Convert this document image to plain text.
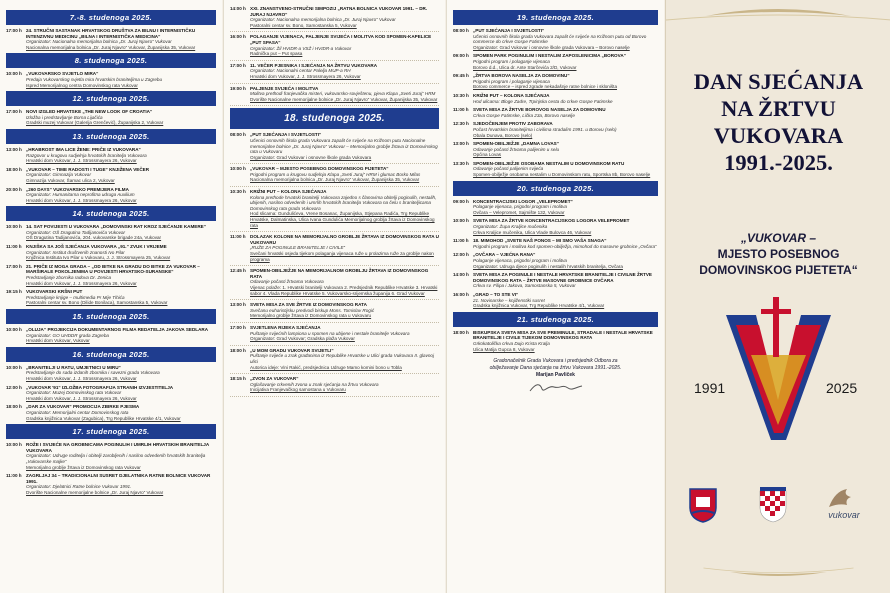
7.-8. studenoga 2025.
17:00 h 24. STRUČNI SASTANAK HRVATSKOG DRUŠTVA ZA BILNU I INTERNISTIČKU INTENZIVNU MEDICINU „BILNA I INTERNISTIČKA MEDICINA“
Organizator: Nacionalna memorijalna bolnica „Dr. Juraj Njavro“ Vukovar
Nacionalna memorijalna bolnica „Dr. Juraj Njavro“ Vukovar, Županijska 35, Vukovar
8. studenoga 2025.
10:00 h „VUKOVARSKO SVJETLO MIRA“
Predaja Vukovarskog svjetla mira hrvatskim braniteljima u Zagrebu
Ispred Memorijalnog centra Domovinskog rata Vukovar
12. studenoga 2025.
17:00 h NOVI IZGLED HRVATSKE „THE NEW LOOK OF CROATIA“
Izložba i predstavljanje Borna Lijačića
Gradski muzej Vukovar (Galerija Grenčević), Županijska 2, Vukovar
13. studenoga 2025.
13:00 h „HRABROST IMA LICE ŽENE: PRIČE IZ VUKOVARA“
Razgovor u krugovu sudjelnja hrvatskih branitelja Vukovara
Hrvatski dom Vukovar, J. J. Strossmayera 26, Vukovar
18:00 h „VUKOVAR – TIME RADOSTI I TUGE“ KNJIŽENA VEČER
Organizator: Gimnazija Vukovar
Gimnazija Vukovar, Šamac ulica 2, Vukovar
20:00 h „260 DAYS“ VUKOVARSKO PREMIJERA FILMA
Organizator: Humanitarna neprofitna udruga Auxilium
Hrvatski dom Vukovar, J. J. Strossmayera 26, Vukovar
14. studenoga 2025.
10:00 h 14. SAT POVIJESTI U VUKOVARA „DOMOVINSKI RAT KROZ SJEĆANJE KAMERE“
Organizator: OŠ Dragutina Tadijanovića Vukovar
OŠ Dragutina Tadijanovića, 204. vukovarske brigade 24a, Vukovar
11:00 h KNJIŠKA SA JOŠ SJEĆANJA VUKOVARA „91.“ ZVUK I VRIJEME
Organizator: Institut društvenih znanosti Ivo Pilar
Knjižnica Instituta Ivo Pilar u Vukovaru, J. J. Strossmayera 25, Vukovar
17:00 h 21. PRIČE IZ MOGA GRADA – „OD BITKE NA GRADU DO BITKE ZA VUKOVAR – MARŠIRALE POKOLJENIMA U POVIJESTI HRVATSKO-SURANSKE“
Predstavljanje zbornika radova Dr. Zenica
Hrvatski dom Vukovar, J. J. Strossmayera 26, Vukovar
19:15 h VUKOVARSKI KRŠNI PUT
Predstavljanje knjige – multimedia Pr Mije Tihića
Pastoralni centar sv. Bono (Dilide Bonilaca), Samostanska 5, Vukovar
15. studenoga 2025.
10:00 h „OLUJA“ PROJEKCIJA DOKUMENTARNOG FILMA REDATELJA JAKOVA SEDLARA
Organizator: GO UHDDR grada Zagreba
Hrvatski dom Vukovar, Vukovar
16. studenoga 2025.
10:00 h „BRANITELJI U RATU, UMJETNICI U MIRU“
Predstavljanje do sada izdanih zbornika i savezni grada Vukovara
Hrvatski dom Vukovar, J. J. Strossmayera 26, Vukovar
12:00 h „VUKOVAR '91“ IZLOŽBA FOTOGRAFIJA STRANIH IZVJESTITELJA
Organizator: Muzej Domovinskog rata Vukovar
Hrvatski dom Vukovar, J. J. Strossmayera 26, Vukovar
18:00 h „DAR ZA VUKOVAR“ PROMOCIJA ZBIRKE PJESMA
Organizator: Memorijalni centar Domovinskog rata
Gradska knjižnica Vukovar (Zagubica), Trg Republike Hrvatske 4/1, Vukovar
17. studenoga 2025.
10:00 h ROŽE I SVIJEĆE NA GROBNICAMA POGINULIH I UMRLIH HRVATSKIH BRANITELJA VUKOVARA
Organizator: Udruge roditelja i obitelji zarobljenih i nasilno odvedenih hrvatskih branitelja „Vukovarske majke“
Memorijalno groblje žrtava iz Domovinskog rata Vukovar
11:00 h ZAGRLJAJ 34 – TRADICIONALNI SUSRET DJELATNIKA RATNE BOLNICE VUKOVAR 1991.
Organizator: Djelatnici Ratne bolnice Vukovar 1991.
Dvorište Nacionalne memorijalne bolnice „Dr. Juraj Njavro“ Vukovar
14:00 h XXI. ZNANSTVENO-STRUČNI SIMPOZIJ „RATNA BOLNICA VUKOVAR 1991. – DR. JURAJ NJAVRO“
Organizator: Nacionalna memorijalna bolnica „Dr. Juraj Njavro“ Vukovar
Pastoralni centar sv. Bono, Samostanska 5, Vukovar
16:00 h POLAGANJE VIJENACA, PALJENJE SVIJEĆA I MOLITVA KOD SPOMEN-KAPELICE „PUT SPASA“
Organizator: Žil HVIDR-a VSŽ i HVIDR-a Vukovar
Radnička put – Put spasa
17:00 h 11. VEČER PJESNIKA I SJEĆANJA NA ŽRTVU VUKOVARA
Organizator: Nacionalni centar Palelja MUP-a RH
Hrvatski dom Vukovar, J. J. Strossmayera 26, Vukovar
19:00 h PALJENJE SVIJEĆA I MOLITVA
Molitva prethodi franjevačka misteri, vukovarsko-sovještenu, pjeva Klapa „Sveti Juraj“ HRM
Dvorište Nacionalne memorijalne bolnice „Dr. Juraj Njavro“ Vukovar, Županijska 35, Vukovar
18. studenoga 2025.
08:00 h „PUT SJEĆANJA I SVJETLOSTI“
Učenici osnovnih škola grada Vukovara zapalit će svijeće na Križnom putu Nacionalne memorijalne bolnice „Dr. Juraj Njavro“ Vukovar – Memorijalno groblje žrtava iz Domovinskog rata u Vukovaru
Organizator: Grad Vukovar i osnovne škole grada Vukovara
10:00 h „VUKOVAR – MJESTO POSEBNOG DOMOVINSKOG PIJETETA“
Prigodni program u krugovu sudjelnja Klapa „Sveti Juraj“ HRM i glumac Borko Milas
Nacionalna memorijalna bolnica „Dr. Juraj Njavro“ Vukovar, Županijska 35, Vukovar
10:30 h KRIŽNI PUT – KOLONA SJEĆANJA
Kolona prethode hrvatski branitelji Vukovara zajedno s članovima obitelji poginulih, nestalih, ubijenih, nasilno odvedenih i umrlih hrvatskih branitelja Vukovara na čelu s braniteljicama Domovinskog rata grada Vukovara
Hod slicama: Gundulićeva, Vrene Bosanac, Županijska, Stjepana Radića, Trg Republike Hrvatske, Dalmatinska, Ulica Ivana Gundulića Memorijalnog groblja žrtava iz Domovinskog rata
11:00 h DOLAZAK KOLONE NA MEMORIJALNO GROBLJE ŽRTAVA IZ DOMOVINSKOG RATA U VUKOVARU
„RUŽE ZA POGINULE BRANITELJE I CIVILE“
Svečani hrvatski osjeda tijekom polaganja vijenaca ruže u prolazima ruže za groblje nakon programa
12:45 h SPOMEN-OBILJEŽJE NA MEMORIJALNOM GROBLJU ŽRTAVA IZ DOMOVINSKOG RATA
Odavanje počasti žrtvama Vukovara
Vijenac polaže: 1. Hrvatski branitelji Vukovara 2. Predsjednik Republike Hrvatske 3. Hrvatski sabor 4. Vlada Republike Hrvatske 5. Vukovarsko-srijemska županija 6. Grad Vukovar
13:00 h SVETA MISA ZA SVE ŽRTVE IZ DOMOVINSKOG RATA
Svečanu euharistijsku predvodi biskup Mons. Tomislav Rogić
Memorijalno groblje žrtava iz Domovinskog rata u Vukovaru
17:00 h SVJETLENA RIJEKA SJEĆANJA
Puštanje svijećnih lampiona u spomen na ubijene i nestale branitelje Vukovara
Organizator: Grad Vukovar; Gradska plaža Vukovar
18:00 h „U MOM GRADU VUKOVAR SVIJETLI“
Puštanje svijeće u zrak građanima iz Republike Hrvatske u Ulici grada Vukovara II. glavnoj ulici
Autorica ideje: Vini Rakić, predsjednica Udruge Mamo komini bono u Tobla
18:15 h „ZVON ZA VUKOVAR“
Oglašavanje crkvenih zvona u znak sjećanja na žrtvu Vukovara
Inicijativa Franjevačkog samostana u Vukovaru
19. studenoga 2025.
08:00 h „PUT SJEĆANJA I SVJETLOSTI“
Učenici osnovnih škola grada Vukovara zapalit će svijeće na Križnom putu od Borovo commerce do crkve Gospe Fatimske
Organizator: Grad Vukovar i osnovne škole grada Vukovara – Borovo naselje
09:00 h SPOMEN PARK POGINULIM I NESTALIM ZAPOSLENICIMA „BOROVA“
Prigodni program i polaganje vijenaca
Borovo d.d., Ulica dr. Ante Starčevića 2/D, Vukovar
09:45 h „ŽRTVA BOROVA NASELJA ZA DOMOVINU“
Prigodni program i polaganje vijenaca
Borovo commerce – ispred zgrade nekadašnje ratne bolnice i skloništa
10:30 h KRIŽNI PUT – KOLONA SJEĆANJA
Hod ulicama: Bloge Zadre, Trpinjska cesta do crkve Gospe Fatimske
11:00 h SVETA MISA ZA ŽRTVE BOROVOG NASELJA ZA DOMOVINU
Crkva Gospe Fatimske, Lička 23a, Borovo naselje
12:30 h SJEDOČENJEM PROTIV ZABORAVA
Počast hrvatskim braniteljima i civilima stradalim 1991. u Borovu (selo)
Obala Dunava, Borovo (selo)
13:00 h SPOMEN-OBILJEŽJE „DAMNA LOVAS“
Odavanje počasti žrtvama palijenim u selu
Općina Lovas
13:30 h SPOMEN-OBILJEŽJE OSOBAMA NESTALIM U DOMOVINSKOM RATU
Odavanje počasti palijenim svijeća
Spomen-obilježje osobama nestalim u Domovinskom ratu, Sportska 8b, Borovo naselje
20. studenoga 2025.
09:00 h KONCENTRACIJSKI LOGOR „VELEPROMET“
Polaganje vijenaca, prigodni program i molitva
Ovčara – Velepromet, Sajmište 132, Vukovar
10:00 h SVETA MISA ZA ŽRTVE KONCENTRACIJSKOG LOGORA VELEPROMET
Organizator: Župa Kraljice mučenika
Crkva Kraljice mučenika, Ulica Vlade Bulovca 46, Vukovar
11:00 h 18. MIMOHOD „SVETE NAŠ PONOS – MI SMO VAŠA SNAGA“
Prigodni program i molitva kod spomen-obilježja, mimohod do masovne grobnice „Ovčara“
12:00 h „OVČARA – VJEĆNA RANA“
Polaganje vijenaca, prigodni program i molitva
Organizator: Udruga djece poginulih i nestalih hrvatskih branitelja, Ovčara
14:00 h SVETA MISA ZA POGINULE I NESTALE HRVATSKE BRANITELJE I CIVILNE ŽRTVE DOMOVINSKOG RATA – ŽRTVE MASOVNE GROBNICE OVČARA
Crkva sv. Filipa i Jakova, Samostanska 5, Vukovar
16:00 h „GRAD – TO STE VI“
21. Novinarske – knjiženstiki susret
Gradska knjižnica Vukovar, Trg Republike Hrvatske 4/1, Vukovar
21. studenoga 2025.
18:00 h BISKUPSKA SVETA MISA ZA SVE PREMINULE, STRADALE I NESTALE HRVATSKE BRANITELJE I CIVILE TIJEKOM DOMOVINSKOG RATA
Grkokatolička crkva Dujo Krista Kralja
Ulica Matija Gupca 8, Vukovar
Gradonačelnik Grada Vukovara i predsjednik Odbora za
obilježavanje Dana sjećanja na žrtvu Vukovara 1991.-2025.
Marijan Pavliček
DAN SJEĆANJA
NA ŽRTVU
VUKOVARA
1991.-2025.
„VUKOVAR –
MJESTO POSEBNOG
DOMOVINSKOG PIJETETA“
1991	2025
vukovar
